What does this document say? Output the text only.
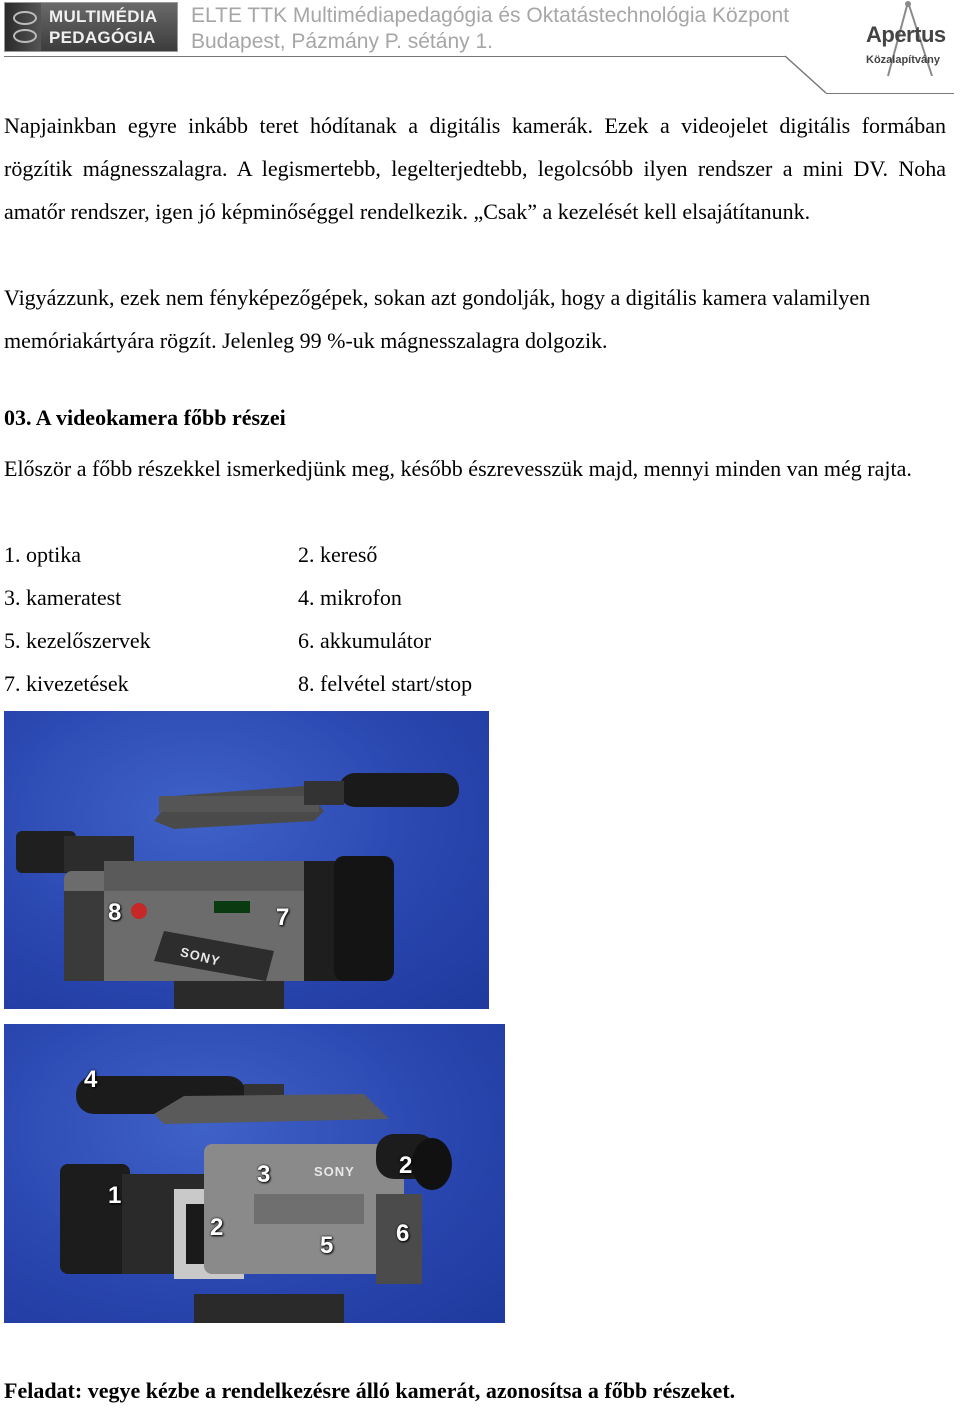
MULTIMÉDIA
PEDAGÓGIA
ELTE TTK Multimédiapedagógia és Oktatástechnológia Központ
Budapest, Pázmány P. sétány 1.	Apertus
Közalapítvány

Napjainkban egyre inkább teret hódítanak a digitális kamerák. Ezek a videojelet digitális formában rögzítik mágnesszalagra. A legismertebb, legelterjedtebb, legolcsóbb ilyen rendszer a mini DV. Noha amatőr rendszer, igen jó képminőséggel rendelkezik. „Csak” a kezelését kell elsajátítanunk.

Vigyázzunk, ezek nem fényképezőgépek, sokan azt gondolják, hogy a digitális kamera valamilyen memóriakártyára rögzít. Jelenleg 99 %-uk mágnesszalagra dolgozik.

03. A videokamera főbb részei

Először a főbb részekkel ismerkedjünk meg, később észrevesszük majd, mennyi minden van még rajta.

1. optika	2. kereső
3. kameratest	4. mikrofon
5. kezelőszervek	6. akkumulátor
7. kivezetések	8. felvétel start/stop
SONY
8	7
4
1
2
3	2
5	6
SONY

Feladat: vegye kézbe a rendelkezésre álló kamerát, azonosítsa a főbb részeket.
